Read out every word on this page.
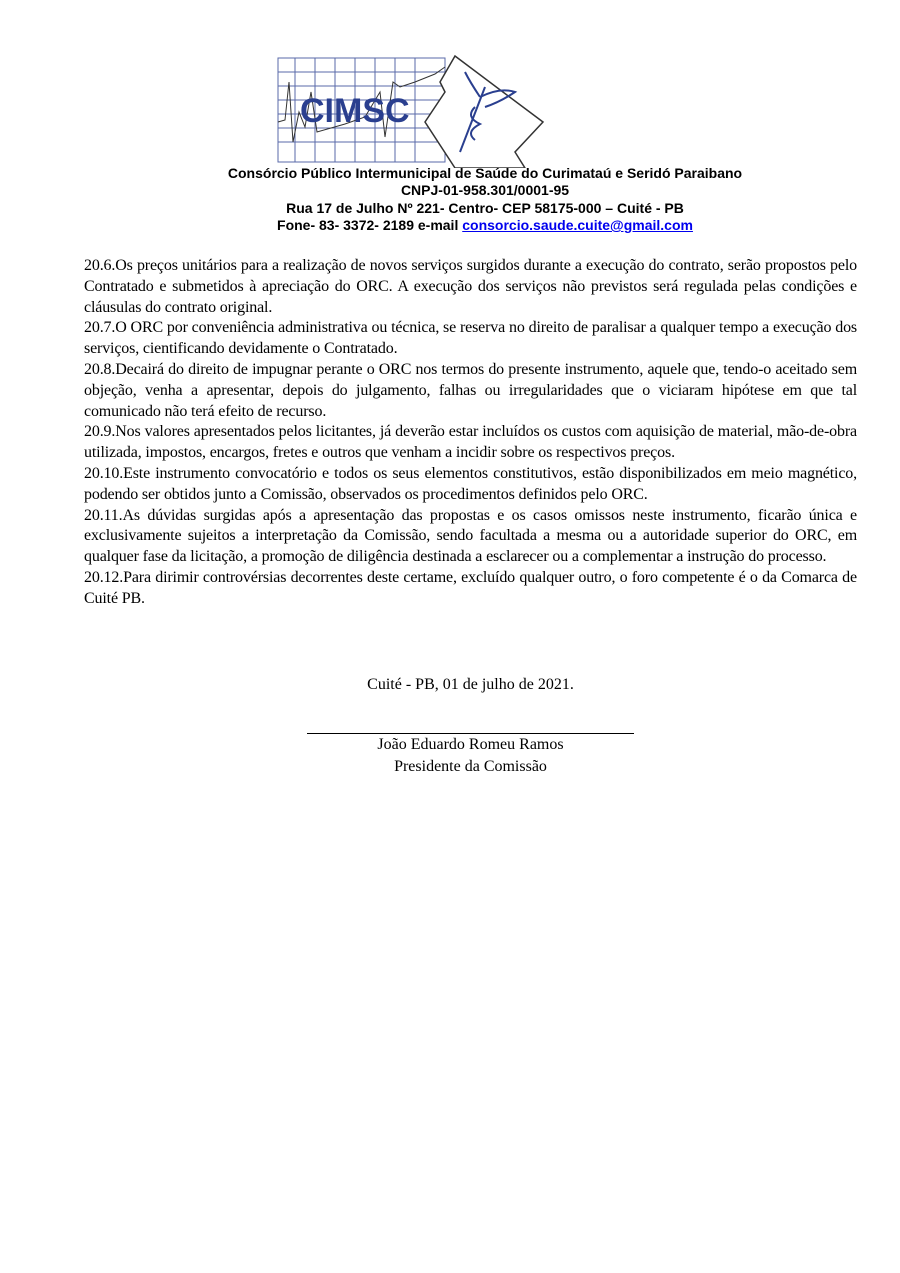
CIMSC
Consórcio Público Intermunicipal de Saúde do Curimataú e Seridó Paraibano
CNPJ-01-958.301/0001-95
Rua 17 de Julho Nº 221- Centro- CEP 58175-000 – Cuité - PB
Fone- 83- 3372- 2189 e-mail consorcio.saude.cuite@gmail.com

20.6.Os preços unitários para a realização de novos serviços surgidos durante a execução do contrato, serão propostos pelo Contratado e submetidos à apreciação do ORC. A execução dos serviços não previstos será regulada pelas condições e cláusulas do contrato original.

20.7.O ORC por conveniência administrativa ou técnica, se reserva no direito de paralisar a qualquer tempo a execução dos serviços, cientificando devidamente o Contratado.

20.8.Decairá do direito de impugnar perante o ORC nos termos do presente instrumento, aquele que, tendo-o aceitado sem objeção, venha a apresentar, depois do julgamento, falhas ou irregularidades que o viciaram hipótese em que tal comunicado não terá efeito de recurso.

20.9.Nos valores apresentados pelos licitantes, já deverão estar incluídos os custos com aquisição de material, mão-de-obra utilizada, impostos, encargos, fretes e outros que venham a incidir sobre os respectivos preços.

20.10.Este instrumento convocatório e todos os seus elementos constitutivos, estão disponibilizados em meio magnético, podendo ser obtidos junto a Comissão, observados os procedimentos definidos pelo ORC.

20.11.As dúvidas surgidas após a apresentação das propostas e os casos omissos neste instrumento, ficarão única e exclusivamente sujeitos a interpretação da Comissão, sendo facultada a mesma ou a autoridade superior do ORC, em qualquer fase da licitação, a promoção de diligência destinada a esclarecer ou a complementar a instrução do processo.

20.12.Para dirimir controvérsias decorrentes deste certame, excluído qualquer outro, o foro competente é o da Comarca de Cuité PB.

Cuité - PB, 01 de julho de 2021.
João Eduardo Romeu Ramos
Presidente da Comissão
